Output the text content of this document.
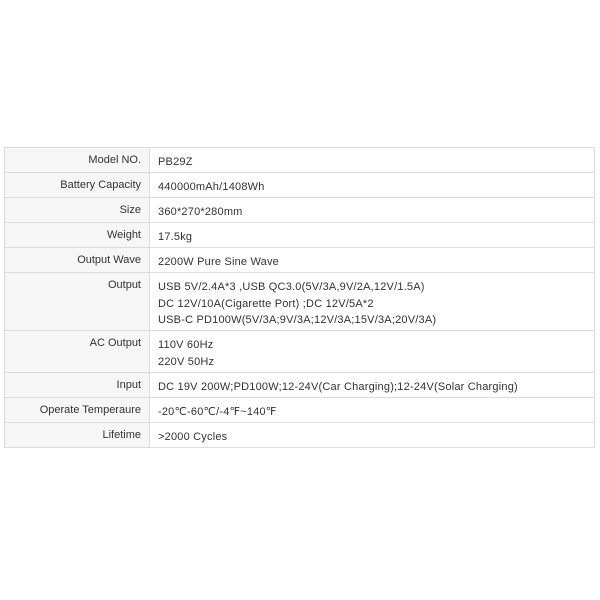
Model NO.	PB29Z

Battery Capacity	440000mAh/1408Wh

Size	360*270*280mm

Weight	17.5kg

Output Wave	2200W Pure Sine Wave

Output	USB 5V/2.4A*3 ,USB QC3.0(5V/3A,9V/2A,12V/1.5A)
DC 12V/10A(Cigarette Port) ;DC 12V/5A*2
USB-C PD100W(5V/3A;9V/3A;12V/3A;15V/3A;20V/3A)

AC Output	110V 60Hz
220V 50Hz

Input	DC 19V 200W;PD100W;12-24V(Car Charging);12-24V(Solar Charging)

Operate Temperaure	-20℃-60℃/-4℉~140℉

Lifetime	>2000 Cycles
